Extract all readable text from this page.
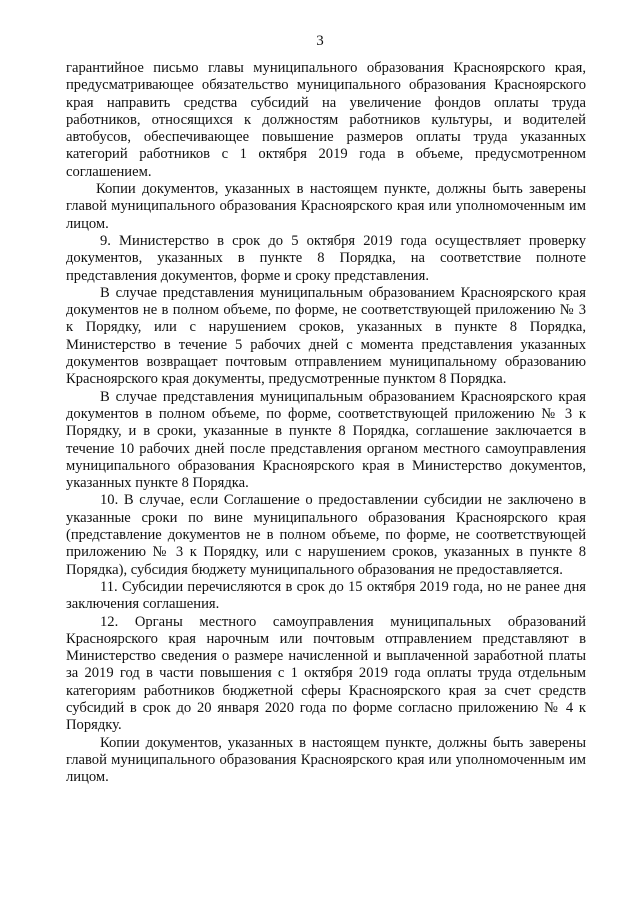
3

гарантийное письмо главы муниципального образования Красноярского края, предусматривающее обязательство муниципального образования Красноярского края направить средства субсидий на увеличение фондов оплаты труда работников, относящихся к должностям работников культуры, и водителей автобусов, обеспечивающее повышение размеров оплаты труда указанных категорий работников с 1 октября 2019 года в объеме, предусмотренном соглашением.

Копии документов, указанных в настоящем пункте, должны быть заверены главой муниципального образования Красноярского края или уполномоченным им лицом.

9. Министерство в срок до 5 октября 2019 года осуществляет проверку документов, указанных в пункте 8 Порядка, на соответствие полноте представления документов, форме и сроку представления.

В случае представления муниципальным образованием Красноярского края документов не в полном объеме, по форме, не соответствующей приложению № 3 к Порядку, или с нарушением сроков, указанных в пункте 8 Порядка, Министерство в течение 5 рабочих дней с момента представления указанных документов возвращает почтовым отправлением муниципальному образованию Красноярского края документы, предусмотренные пунктом 8 Порядка.

В случае представления муниципальным образованием Красноярского края документов в полном объеме, по форме, соответствующей приложению № 3 к Порядку, и в сроки, указанные в пункте 8 Порядка, соглашение заключается в течение 10 рабочих дней после представления органом местного самоуправления муниципального образования Красноярского края в Министерство документов, указанных пункте 8 Порядка.

10. В случае, если Соглашение о предоставлении субсидии не заключено в указанные сроки по вине муниципального образования Красноярского края (представление документов не в полном объеме, по форме, не соответствующей приложению № 3 к Порядку, или с нарушением сроков, указанных в пункте 8 Порядка), субсидия бюджету муниципального образования не предоставляется.

11. Субсидии перечисляются в срок до 15 октября 2019 года, но не ранее дня заключения соглашения.

12. Органы местного самоуправления муниципальных образований Красноярского края нарочным или почтовым отправлением представляют в Министерство сведения о размере начисленной и выплаченной заработной платы за 2019 год в части повышения с 1 октября 2019 года оплаты труда отдельным категориям работников бюджетной сферы Красноярского края за счет средств субсидий в срок до 20 января 2020 года по форме согласно приложению № 4 к Порядку.

Копии документов, указанных в настоящем пункте, должны быть заверены главой муниципального образования Красноярского края или уполномоченным им лицом.
